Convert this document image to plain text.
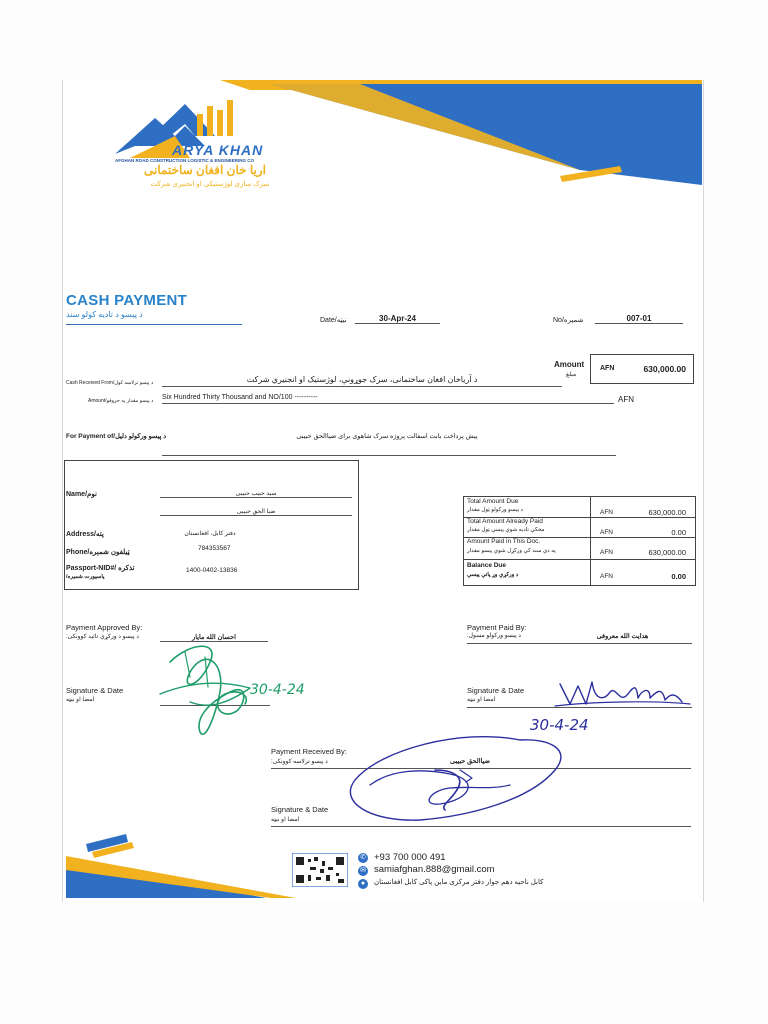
ARYA KHAN
AFGHAN ROAD CONSTRUCTION LOGISTIC & ENGINEERING CO
اریا خان افغان ساختمانی
سرک سازی لوژستیکی او انجنیری شرکت
CASH PAYMENT
د پیسو د تادیه کولو سند
Date/نیټه	30-Apr-24	No/شمېره	007-01
Amount
مبلغ
AFN	630,000.00
Cash Received From/د پیسو ترلاسه کول	د آریاخان افغان ساختمانی، سرک جوړونې، لوژستیک او انجنیري شرکت
Amount/د پیسو مقدار په حروفو	Six Hundred Thirty Thousand and NO/100 ----------	AFN
For Payment of/د پیسو ورکولو دلیل	پیش پرداخت بابت اسفالت پروژه سرک شاهوی برای ضیاالحق حبیبی
Name/نوم	سید حبیب حبیبی
ضیا الحق حبیبی
Address/پته	دفتر کابل، افغانستان
Phone/ټیلفون شمېره
784353567
Passport-NID#/ تذکره
/پاسپورت شمیره
1400-0402-13836
Total Amount Due
د پیسو ورکولو ټول مقدار	AFN	630,000.00
Total Amount Already Paid
مخکې تادیه شوې پیسې ټول مقدار	AFN	0.00
Amount Paid in This Doc.
په دې سند کې ورکړل شوې پیسو مقدار	AFN	630,000.00
Balance Due
د ورکړې وړ پاتې پیسې	AFN	0.00
Payment Approved By:
د پیسو د ورکړې تائید کوونکی:	احسان الله مایار
Payment Paid By:
د پیسو ورکولو مسول:	هدایت الله معروفی
Signature & Date
امضا او نیټه
Signature & Date
امضا او نیټه
Payment Received By:
د پیسو ترلاسه کوونکی:	ضیاالحق حبیبی
Signature & Date
امضا او نیټه
30-4-24
30-4-24
✆ +93 700 000 491
✉ samiafghan.888@gmail.com
●	کابل ناحیه دهم جوار دفتر مرکزی ماین پاکی کابل افغانستان
